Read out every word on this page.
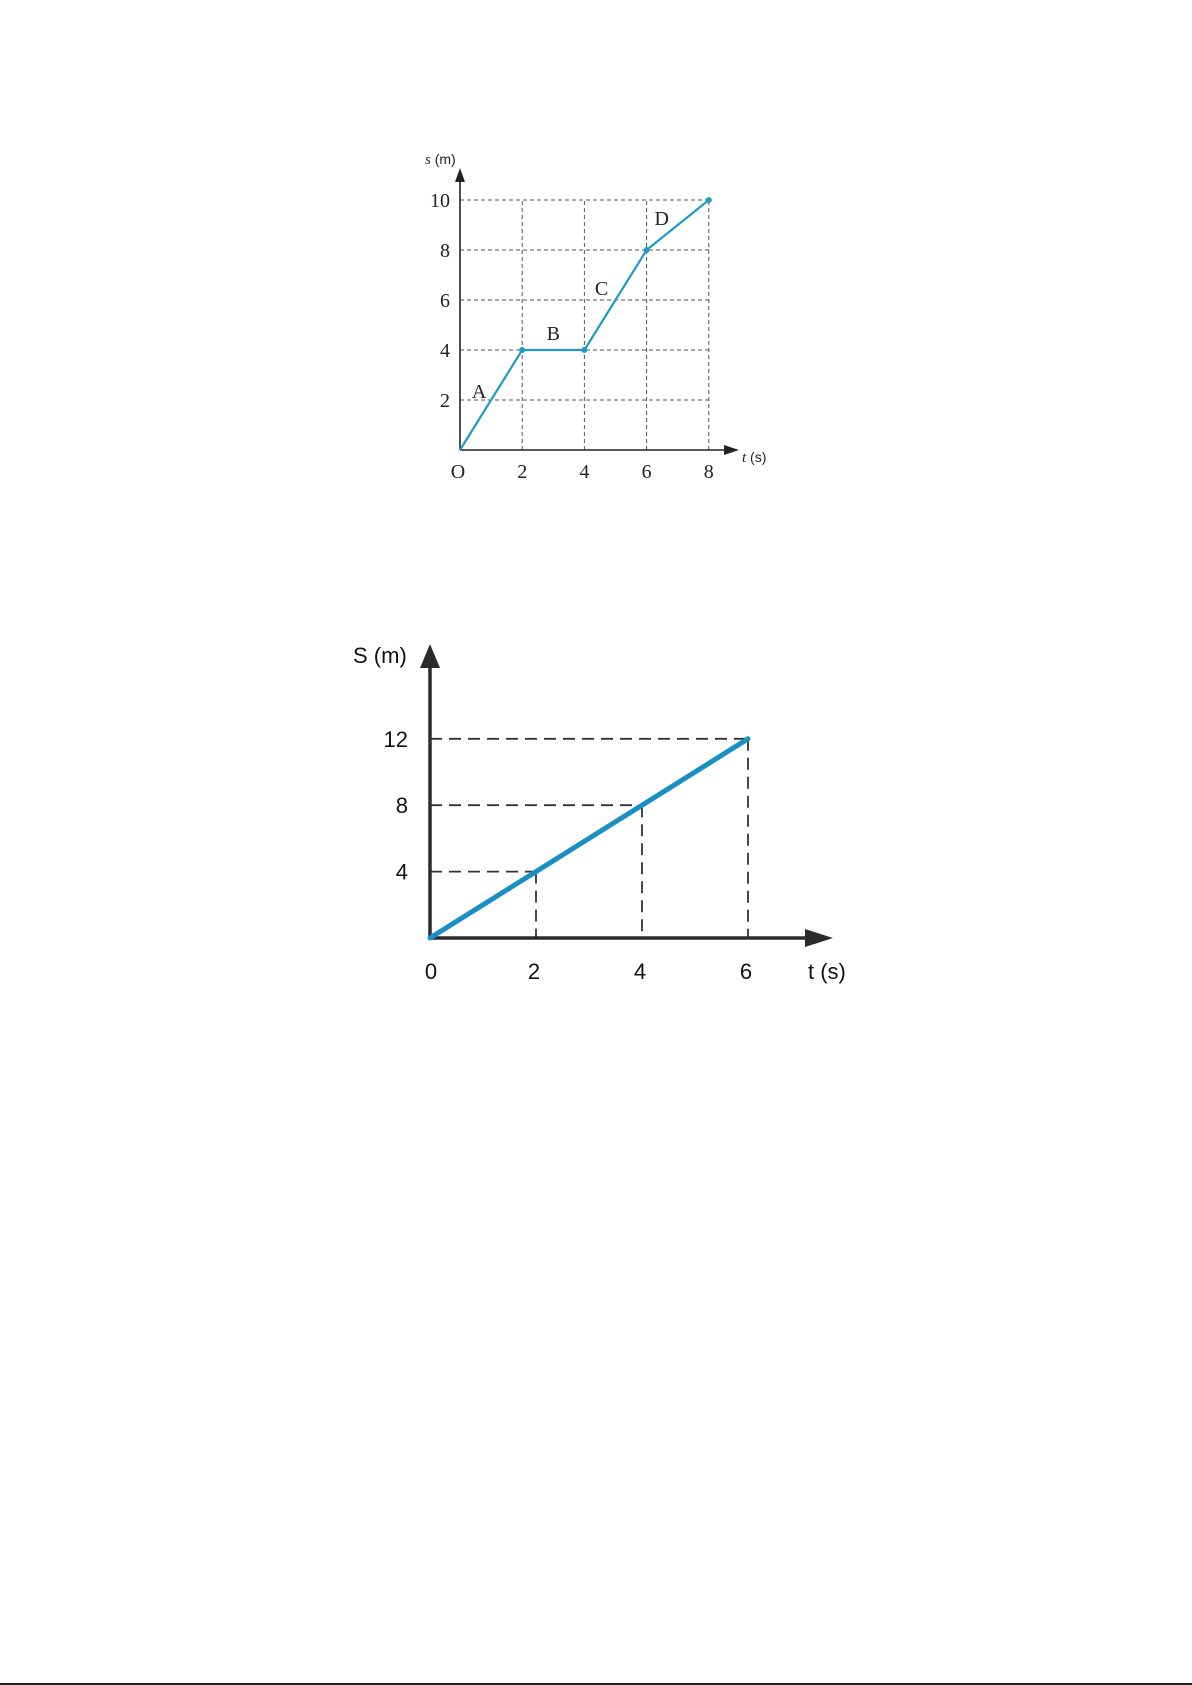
s (m)
t (s)
2	4	6	8
2
4
6
8
10
O
A
B
C
D
S (m)
t (s)
4
8
12
2	4	6
0
